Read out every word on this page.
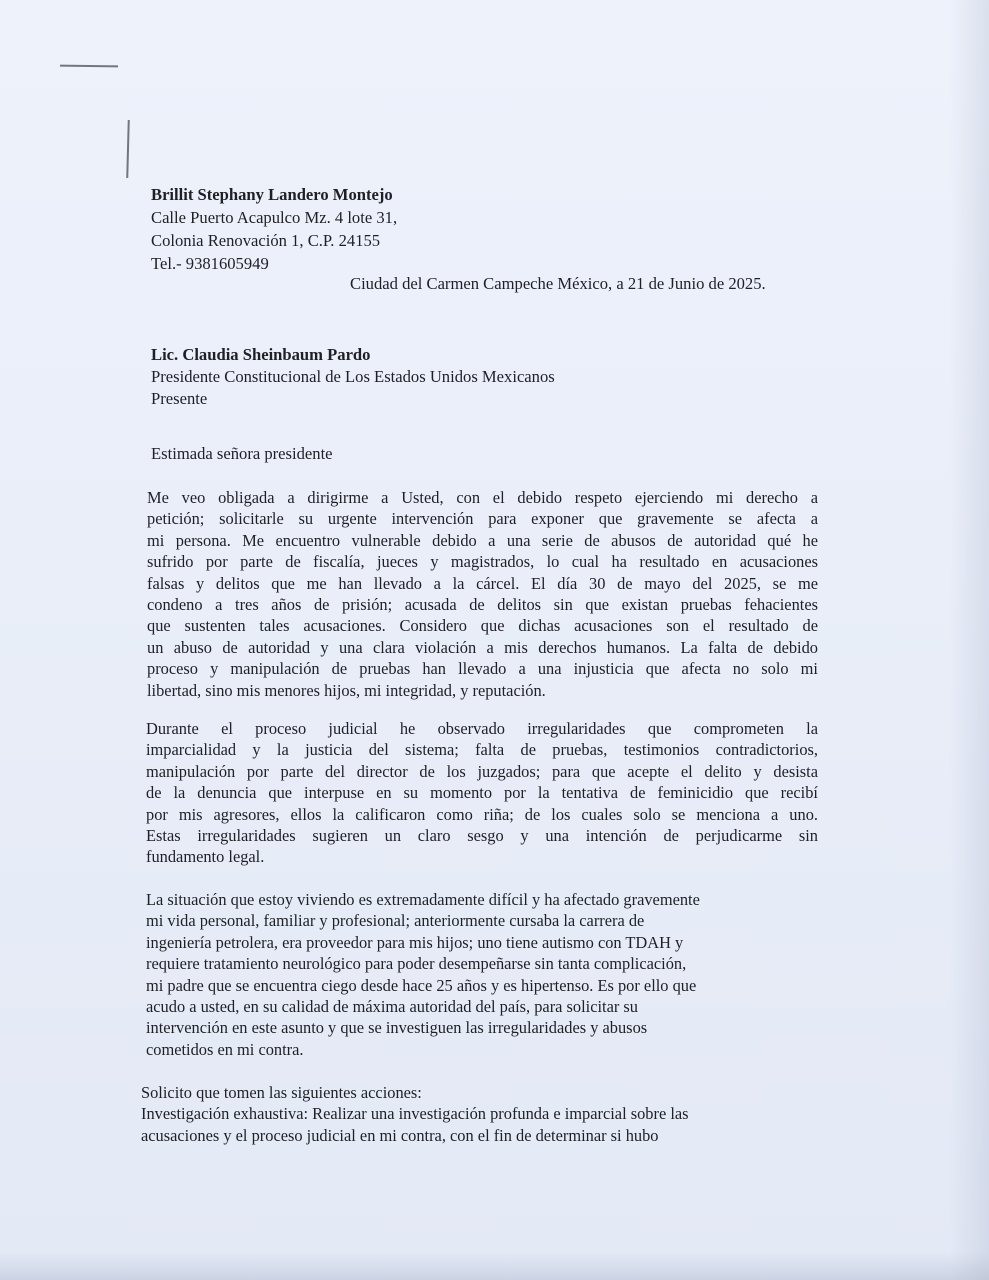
Brillit Stephany Landero Montejo
Calle Puerto Acapulco Mz. 4 lote 31,
Colonia Renovación 1, C.P. 24155
Tel.- 9381605949
Ciudad del Carmen Campeche México, a 21 de Junio de 2025.
Lic. Claudia Sheinbaum Pardo
Presidente Constitucional de Los Estados Unidos Mexicanos
Presente
Estimada señora presidente
Me veo obligada a dirigirme a Usted, con el debido respeto ejerciendo mi derecho a
petición; solicitarle su urgente intervención para exponer que gravemente se afecta a
mi persona. Me encuentro vulnerable debido a una serie de abusos de autoridad qué he
sufrido por parte de fiscalía, jueces y magistrados, lo cual ha resultado en acusaciones
falsas y delitos que me han llevado a la cárcel. El día 30 de mayo del 2025, se me
condeno a tres años de prisión; acusada de delitos sin que existan pruebas fehacientes
que sustenten tales acusaciones. Considero que dichas acusaciones son el resultado de
un abuso de autoridad y una clara violación a mis derechos humanos. La falta de debido
proceso y manipulación de pruebas han llevado a una injusticia que afecta no solo mi
libertad, sino mis menores hijos, mi integridad, y reputación.
Durante el proceso judicial he observado irregularidades que comprometen la
imparcialidad y la justicia del sistema; falta de pruebas, testimonios contradictorios,
manipulación por parte del director de los juzgados; para que acepte el delito y desista
de la denuncia que interpuse en su momento por la tentativa de feminicidio que recibí
por mis agresores, ellos la calificaron como riña; de los cuales solo se menciona a uno.
Estas irregularidades sugieren un claro sesgo y una intención de perjudicarme sin
fundamento legal.
La situación que estoy viviendo es extremadamente difícil y ha afectado gravemente
mi vida personal, familiar y profesional; anteriormente cursaba la carrera de
ingeniería petrolera, era proveedor para mis hijos; uno tiene autismo con TDAH y
requiere tratamiento neurológico para poder desempeñarse sin tanta complicación,
mi padre que se encuentra ciego desde hace 25 años y es hipertenso. Es por ello que
acudo a usted, en su calidad de máxima autoridad del país, para solicitar su
intervención en este asunto y que se investiguen las irregularidades y abusos
cometidos en mi contra.
Solicito que tomen las siguientes acciones:
Investigación exhaustiva: Realizar una investigación profunda e imparcial sobre las
acusaciones y el proceso judicial en mi contra, con el fin de determinar si hubo
